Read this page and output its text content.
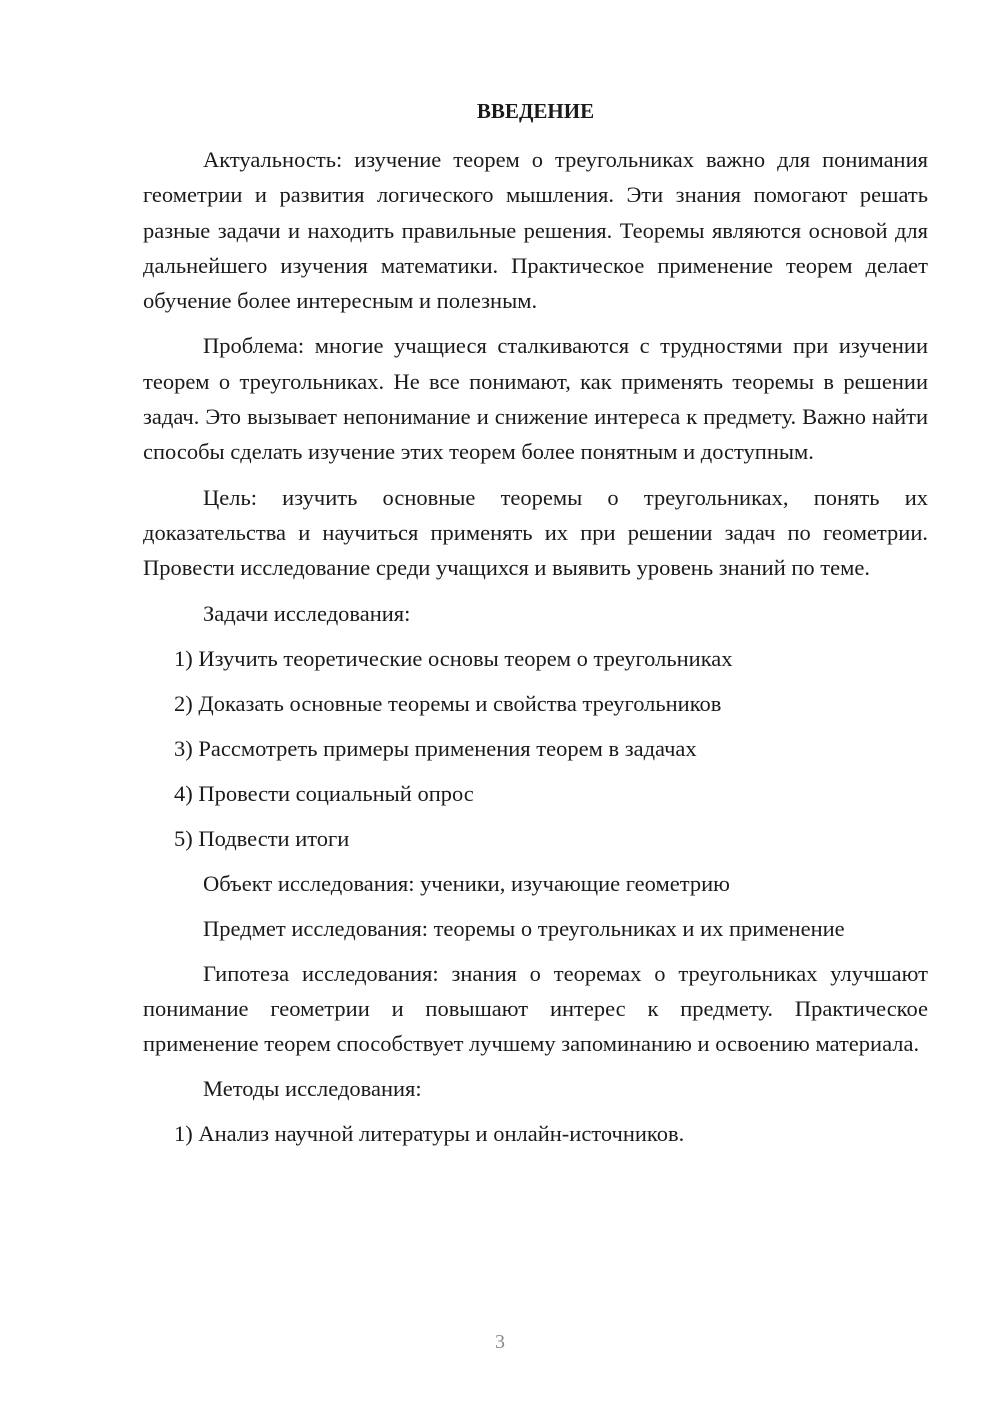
ВВЕДЕНИЕ

Актуальность: изучение теорем о треугольниках важно для понимания геометрии и развития логического мышления. Эти знания помогают решать разные задачи и находить правильные решения. Теоремы являются основой для дальнейшего изучения математики. Практическое применение теорем делает обучение более интересным и полезным.

Проблема: многие учащиеся сталкиваются с трудностями при изучении теорем о треугольниках. Не все понимают, как применять теоремы в решении задач. Это вызывает непонимание и снижение интереса к предмету. Важно найти способы сделать изучение этих теорем более понятным и доступным.

Цель: изучить основные теоремы о треугольниках, понять их доказательства и научиться применять их при решении задач по геометрии. Провести исследование среди учащихся и выявить уровень знаний по теме.

Задачи исследования:
1) Изучить теоретические основы теорем о треугольниках
2) Доказать основные теоремы и свойства треугольников
3) Рассмотреть примеры применения теорем в задачах
4) Провести социальный опрос
5) Подвести итоги
Объект исследования: ученики, изучающие геометрию
Предмет исследования: теоремы о треугольниках и их применение

Гипотеза исследования: знания о теоремах о треугольниках улучшают понимание геометрии и повышают интерес к предмету. Практическое применение теорем способствует лучшему запоминанию и освоению материала.

Методы исследования:
1) Анализ научной литературы и онлайн-источников.
3
